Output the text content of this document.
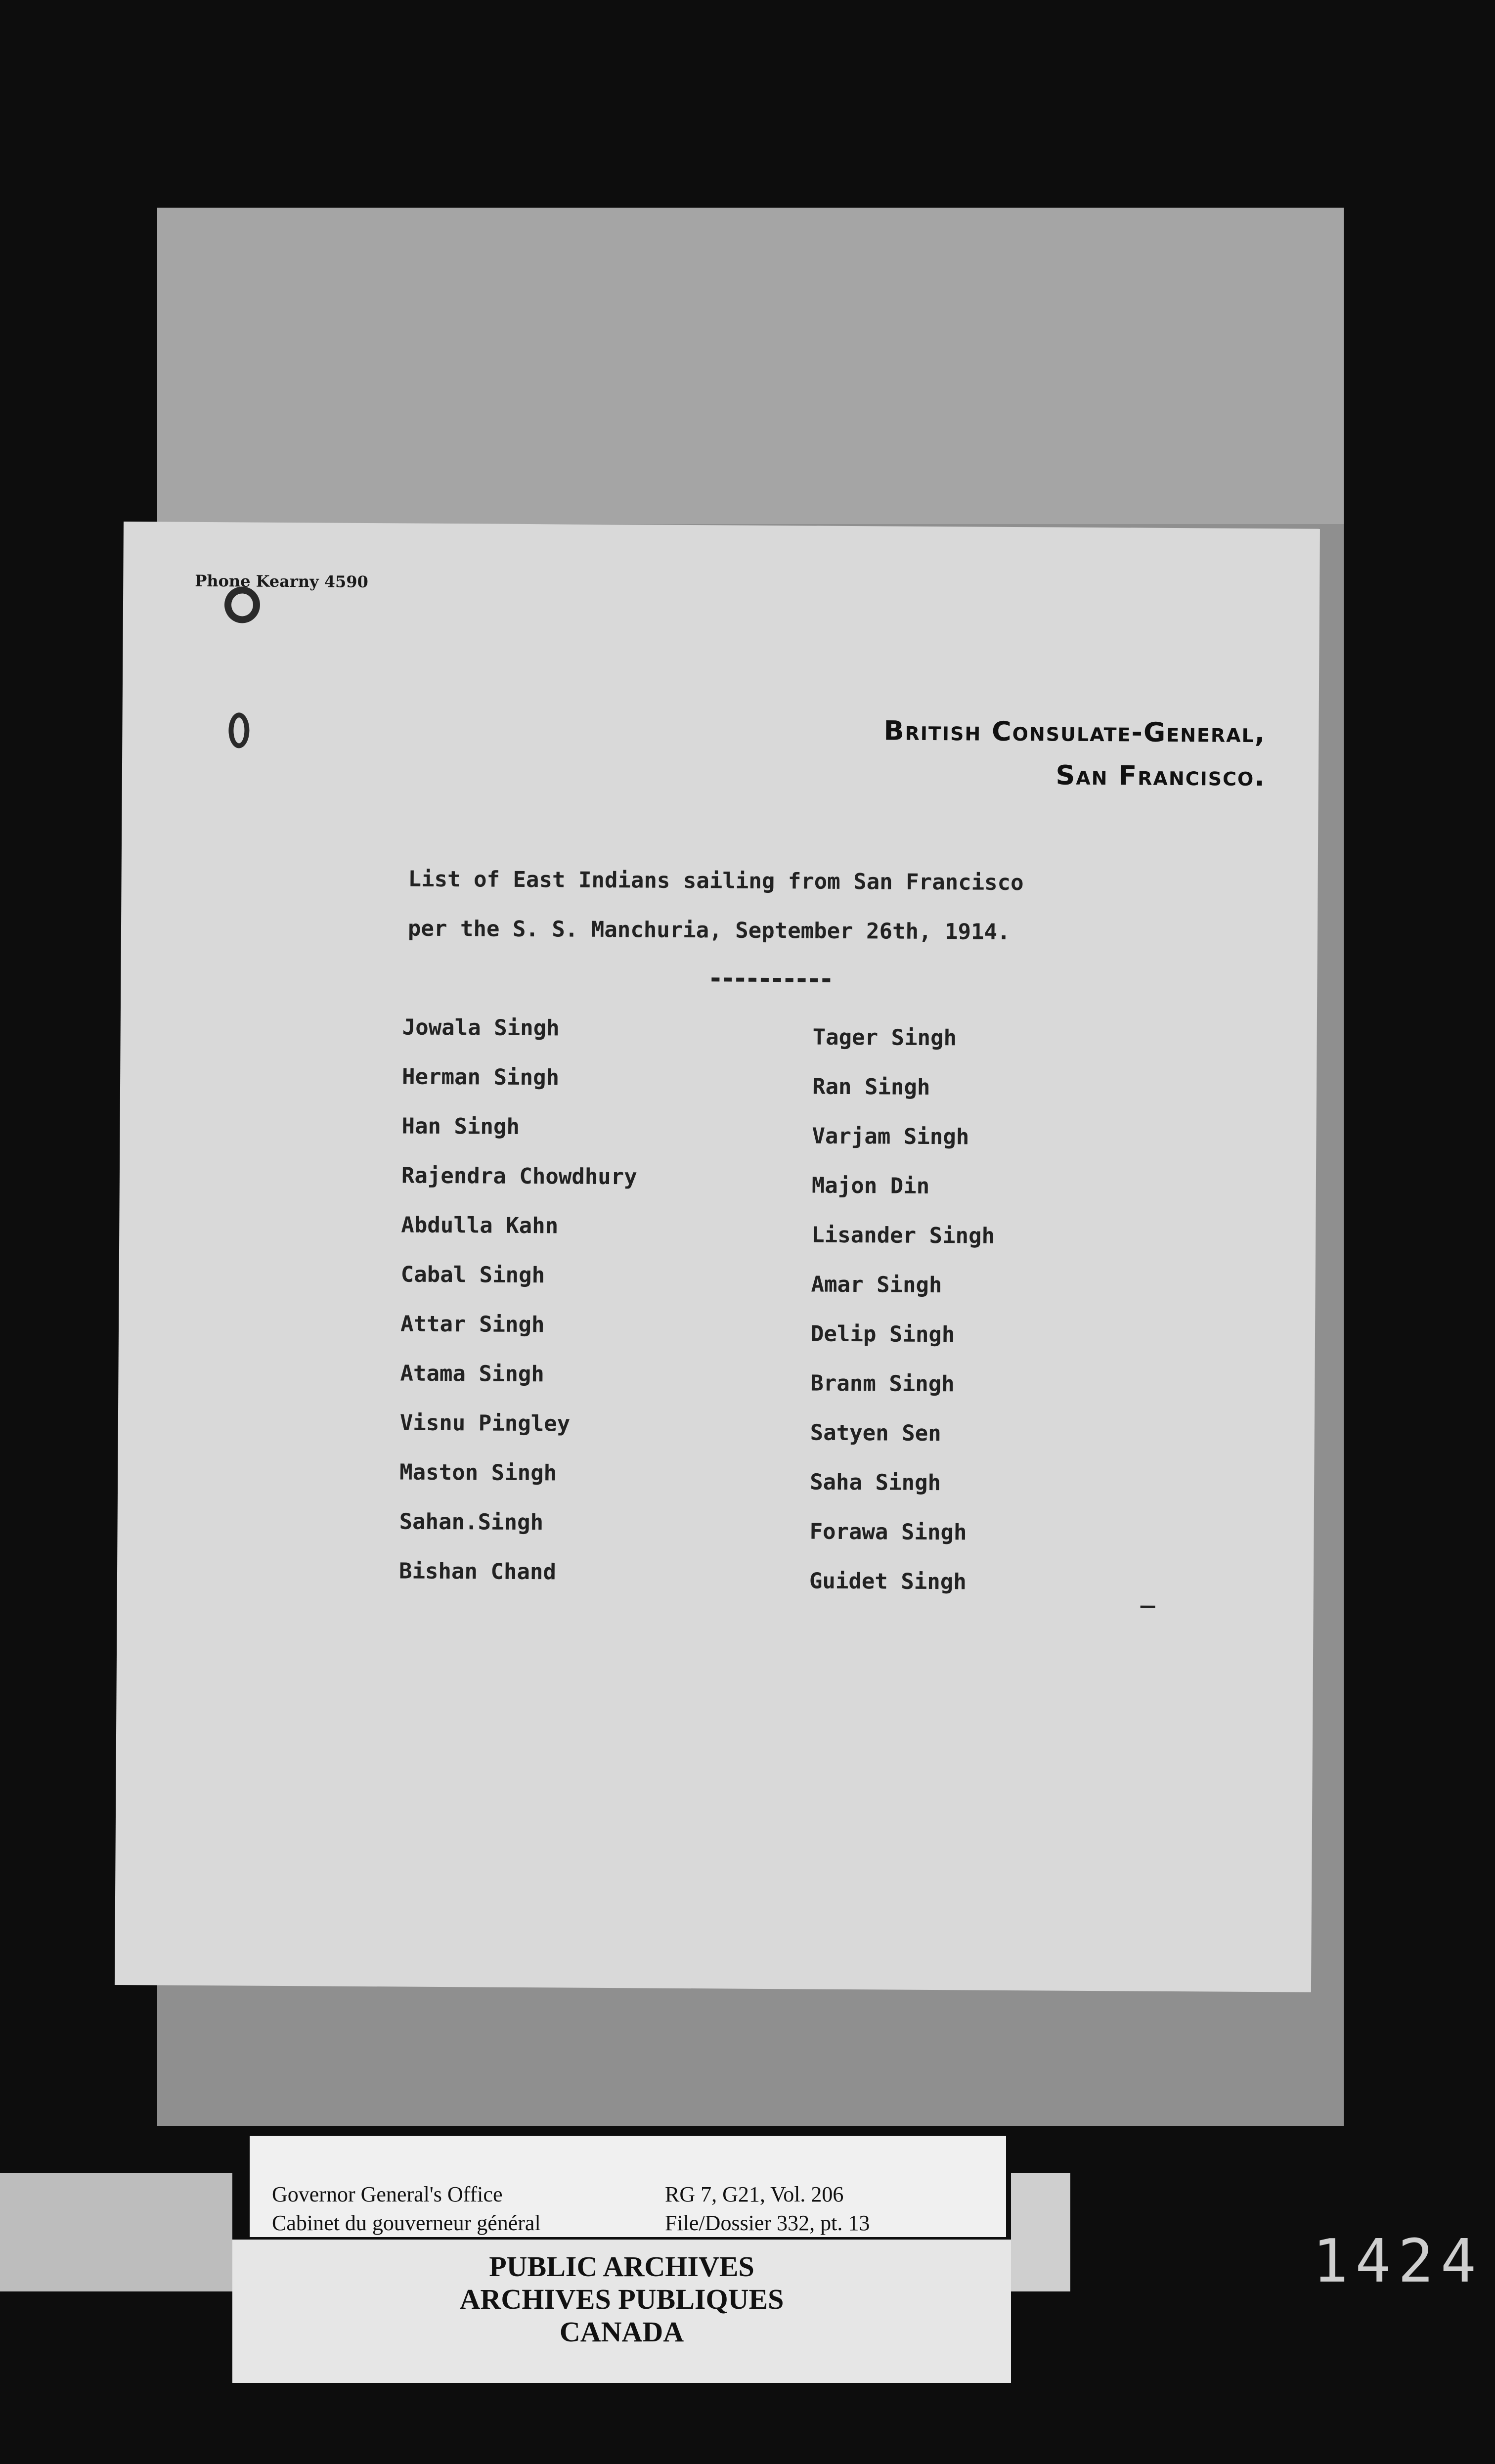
Phone Kearny 4590
British Consulate-General,
San Francisco.
List of East Indians sailing from San Francisco
per the S. S. Manchuria, September 26th, 1914.
Jowala Singh
Herman Singh
Han Singh
Rajendra Chowdhury
Abdulla Kahn
Cabal Singh
Attar Singh
Atama Singh
Visnu Pingley
Maston Singh
Sahan.Singh
Bishan Chand
Tager Singh
Ran Singh
Varjam Singh
Majon Din
Lisander Singh
Amar Singh
Delip Singh
Branm Singh
Satyen Sen
Saha Singh
Forawa Singh
Guidet Singh
Governor General's Office
Cabinet du gouverneur général
RG 7, G21, Vol. 206
File/Dossier 332, pt. 13
PUBLIC ARCHIVES
ARCHIVES PUBLIQUES
CANADA
1424
